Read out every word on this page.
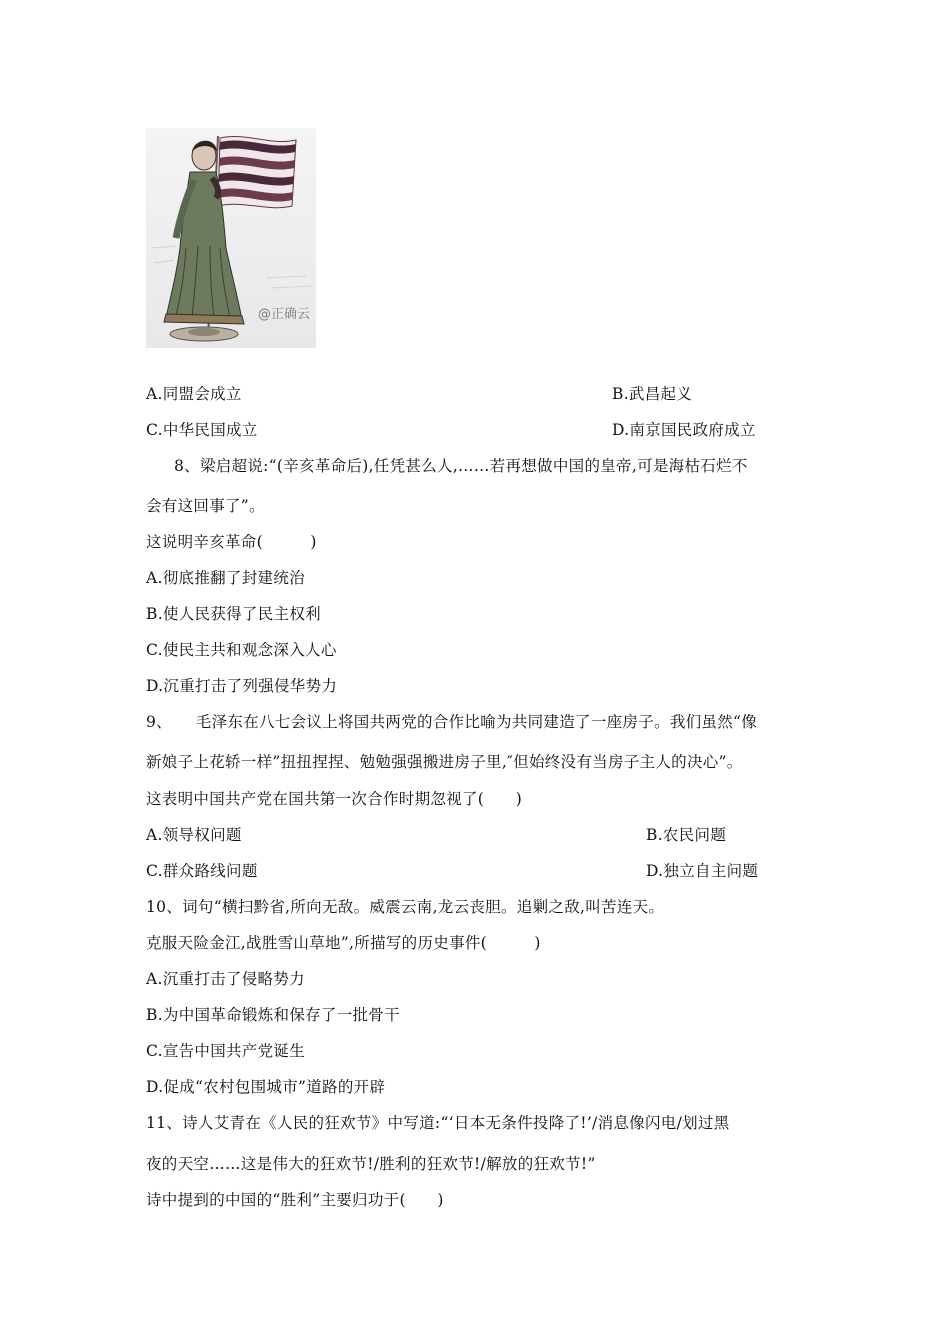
@正确云
A.同盟会成立	B.武昌起义
C.中华民国成立	D.南京国民政府成立
8、梁启超说:“(辛亥革命后),任凭甚么人,……若再想做中国的皇帝,可是海枯石烂不
会有这回事了”。
这说明辛亥革命(　　　)
A.彻底推翻了封建统治
B.使人民获得了民主权利
C.使民主共和观念深入人心
D.沉重打击了列强侵华势力
9、　　毛泽东在八七会议上将国共两党的合作比喻为共同建造了一座房子。我们虽然“像
新娘子上花轿一样”扭扭捏捏、勉勉强强搬进房子里,″但始终没有当房子主人的决心”。
这表明中国共产党在国共第一次合作时期忽视了(　　)
A.领导权问题	B.农民问题
C.群众路线问题	D.独立自主问题
10、词句“横扫黔省,所向无敌。威震云南,龙云丧胆。追剿之敌,叫苦连天。
克服天险金江,战胜雪山草地”,所描写的历史事件(　　　)
A.沉重打击了侵略势力
B.为中国革命锻炼和保存了一批骨干
C.宣告中国共产党诞生
D.促成“农村包围城市”道路的开辟
11、诗人艾青在《人民的狂欢节》中写道:“‘日本无条件投降了!’/消息像闪电/划过黑
夜的天空……这是伟大的狂欢节!/胜利的狂欢节!/解放的狂欢节!”
诗中提到的中国的“胜利”主要归功于(　　)
